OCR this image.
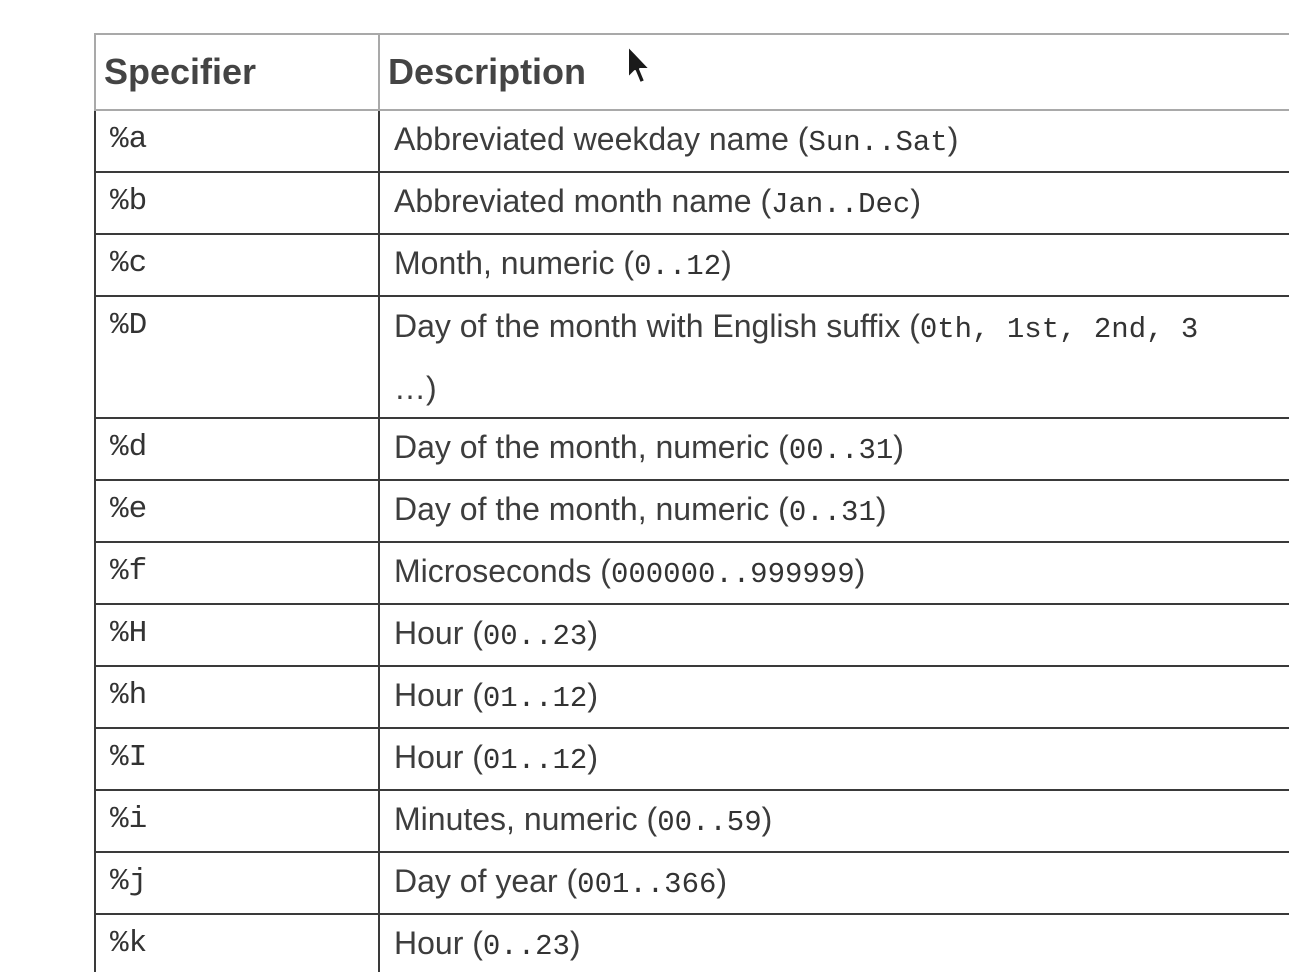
Specifier	Description
%a	Abbreviated weekday name (Sun..Sat)
%b	Abbreviated month name (Jan..Dec)
%c	Month, numeric (0..12)
%D	Day of the month with English suffix (0th, 1st, 2nd, 3
…)
%d	Day of the month, numeric (00..31)
%e	Day of the month, numeric (0..31)
%f	Microseconds (000000..999999)
%H	Hour (00..23)
%h	Hour (01..12)
%I	Hour (01..12)
%i	Minutes, numeric (00..59)
%j	Day of year (001..366)
%k	Hour (0..23)
